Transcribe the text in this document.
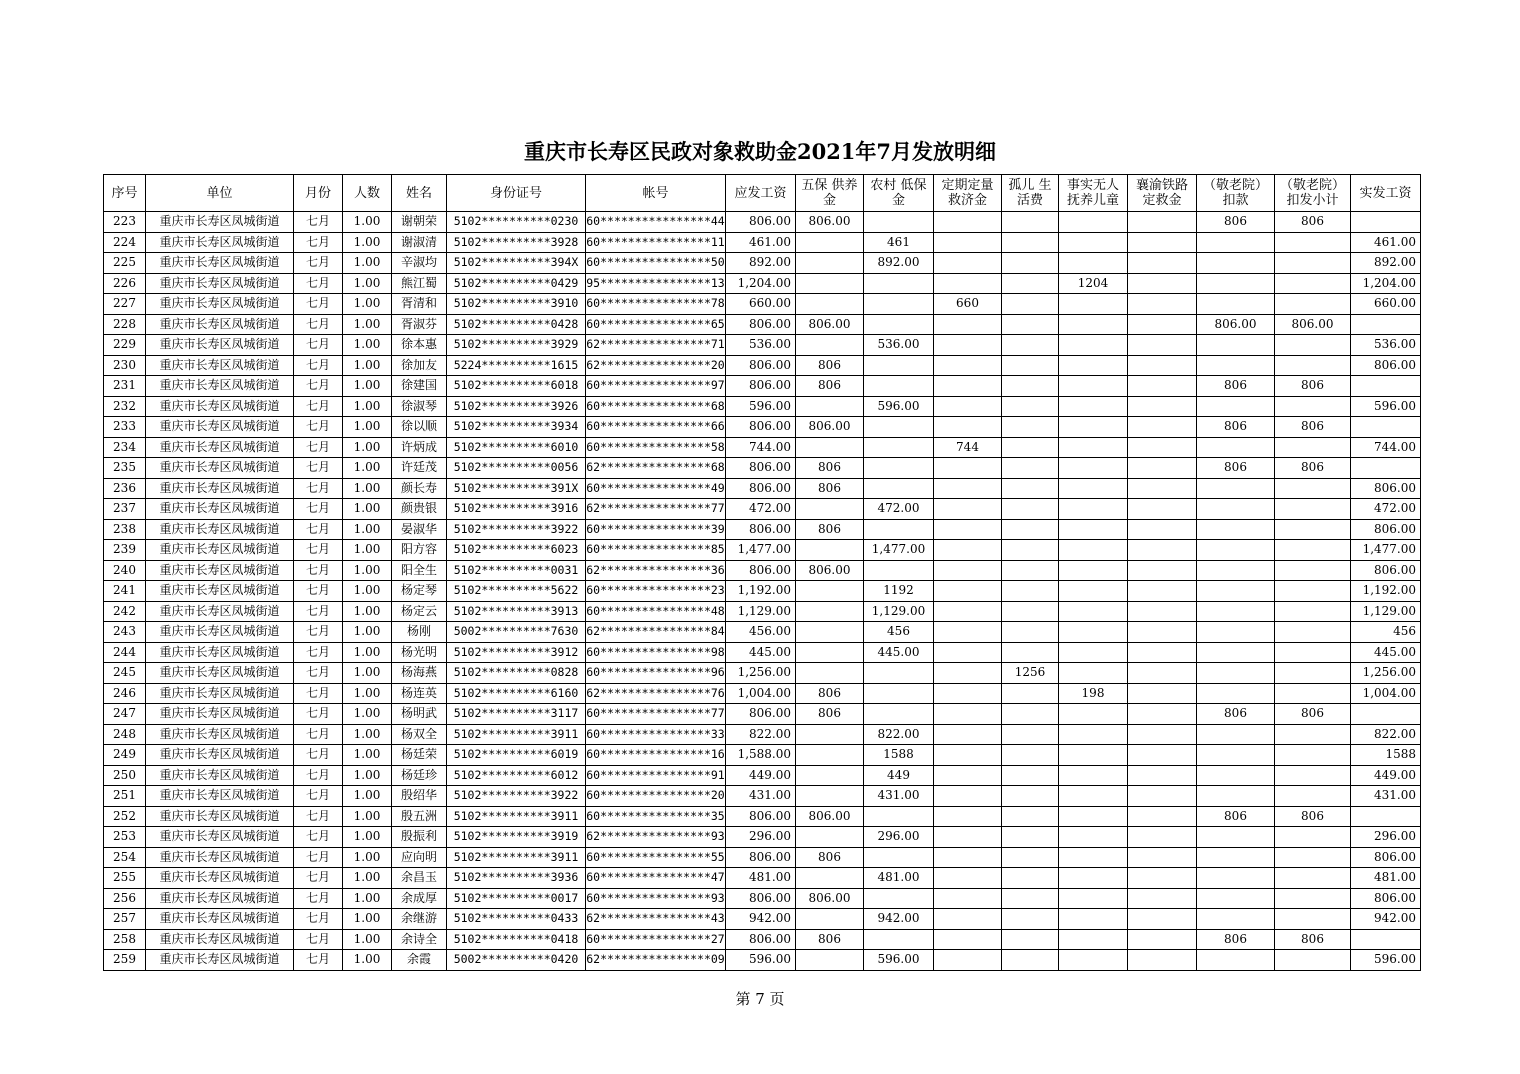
重庆市长寿区民政对象救助金2021年7月发放明细
序号	单位	月份	人数	姓名	身份证号	帐号	应发工资	五保 供养金	农村 低保金	定期定量 救济金	孤儿 生活费	事实无人 抚养儿童	襄渝铁路 定救金	（敬老院） 扣款	（敬老院） 扣发小计	实发工资
223	重庆市长寿区凤城街道	七月	1.00	谢朝荣	5102**********0230	60****************44	806.00	806.00						806	806	
224	重庆市长寿区凤城街道	七月	1.00	谢淑清	5102**********3928	60****************11	461.00		461							461.00
225	重庆市长寿区凤城街道	七月	1.00	辛淑均	5102**********394X	60****************50	892.00		892.00							892.00
226	重庆市长寿区凤城街道	七月	1.00	熊江蜀	5102**********0429	95****************13	1,204.00					1204				1,204.00
227	重庆市长寿区凤城街道	七月	1.00	胥清和	5102**********3910	60****************78	660.00			660						660.00
228	重庆市长寿区凤城街道	七月	1.00	胥淑芬	5102**********0428	60****************65	806.00	806.00						806.00	806.00	
229	重庆市长寿区凤城街道	七月	1.00	徐本惠	5102**********3929	62****************71	536.00		536.00							536.00
230	重庆市长寿区凤城街道	七月	1.00	徐加友	5224**********1615	62****************20	806.00	806								806.00
231	重庆市长寿区凤城街道	七月	1.00	徐建国	5102**********6018	60****************97	806.00	806						806	806	
232	重庆市长寿区凤城街道	七月	1.00	徐淑琴	5102**********3926	60****************68	596.00		596.00							596.00
233	重庆市长寿区凤城街道	七月	1.00	徐以顺	5102**********3934	60****************66	806.00	806.00						806	806	
234	重庆市长寿区凤城街道	七月	1.00	许炳成	5102**********6010	60****************58	744.00			744						744.00
235	重庆市长寿区凤城街道	七月	1.00	许廷茂	5102**********0056	62****************68	806.00	806						806	806	
236	重庆市长寿区凤城街道	七月	1.00	颜长寿	5102**********391X	60****************49	806.00	806								806.00
237	重庆市长寿区凤城街道	七月	1.00	颜贵银	5102**********3916	62****************77	472.00		472.00							472.00
238	重庆市长寿区凤城街道	七月	1.00	晏淑华	5102**********3922	60****************39	806.00	806								806.00
239	重庆市长寿区凤城街道	七月	1.00	阳方容	5102**********6023	60****************85	1,477.00		1,477.00							1,477.00
240	重庆市长寿区凤城街道	七月	1.00	阳全生	5102**********0031	62****************36	806.00	806.00								806.00
241	重庆市长寿区凤城街道	七月	1.00	杨定琴	5102**********5622	60****************23	1,192.00		1192							1,192.00
242	重庆市长寿区凤城街道	七月	1.00	杨定云	5102**********3913	60****************48	1,129.00		1,129.00							1,129.00
243	重庆市长寿区凤城街道	七月	1.00	杨刚	5002**********7630	62****************84	456.00		456							456
244	重庆市长寿区凤城街道	七月	1.00	杨光明	5102**********3912	60****************98	445.00		445.00							445.00
245	重庆市长寿区凤城街道	七月	1.00	杨海燕	5102**********0828	60****************96	1,256.00				1256					1,256.00
246	重庆市长寿区凤城街道	七月	1.00	杨连英	5102**********6160	62****************76	1,004.00	806				198				1,004.00
247	重庆市长寿区凤城街道	七月	1.00	杨明武	5102**********3117	60****************77	806.00	806						806	806	
248	重庆市长寿区凤城街道	七月	1.00	杨双全	5102**********3911	60****************33	822.00		822.00							822.00
249	重庆市长寿区凤城街道	七月	1.00	杨廷荣	5102**********6019	60****************16	1,588.00		1588							1588
250	重庆市长寿区凤城街道	七月	1.00	杨廷珍	5102**********6012	60****************91	449.00		449							449.00
251	重庆市长寿区凤城街道	七月	1.00	殷绍华	5102**********3922	60****************20	431.00		431.00							431.00
252	重庆市长寿区凤城街道	七月	1.00	殷五洲	5102**********3911	60****************35	806.00	806.00						806	806	
253	重庆市长寿区凤城街道	七月	1.00	殷振利	5102**********3919	62****************93	296.00		296.00							296.00
254	重庆市长寿区凤城街道	七月	1.00	应向明	5102**********3911	60****************55	806.00	806								806.00
255	重庆市长寿区凤城街道	七月	1.00	余昌玉	5102**********3936	60****************47	481.00		481.00							481.00
256	重庆市长寿区凤城街道	七月	1.00	余成厚	5102**********0017	60****************93	806.00	806.00								806.00
257	重庆市长寿区凤城街道	七月	1.00	余继游	5102**********0433	62****************43	942.00		942.00							942.00
258	重庆市长寿区凤城街道	七月	1.00	余诗全	5102**********0418	60****************27	806.00	806						806	806	
259	重庆市长寿区凤城街道	七月	1.00	余霞	5002**********0420	62****************09	596.00		596.00							596.00
第 7 页
